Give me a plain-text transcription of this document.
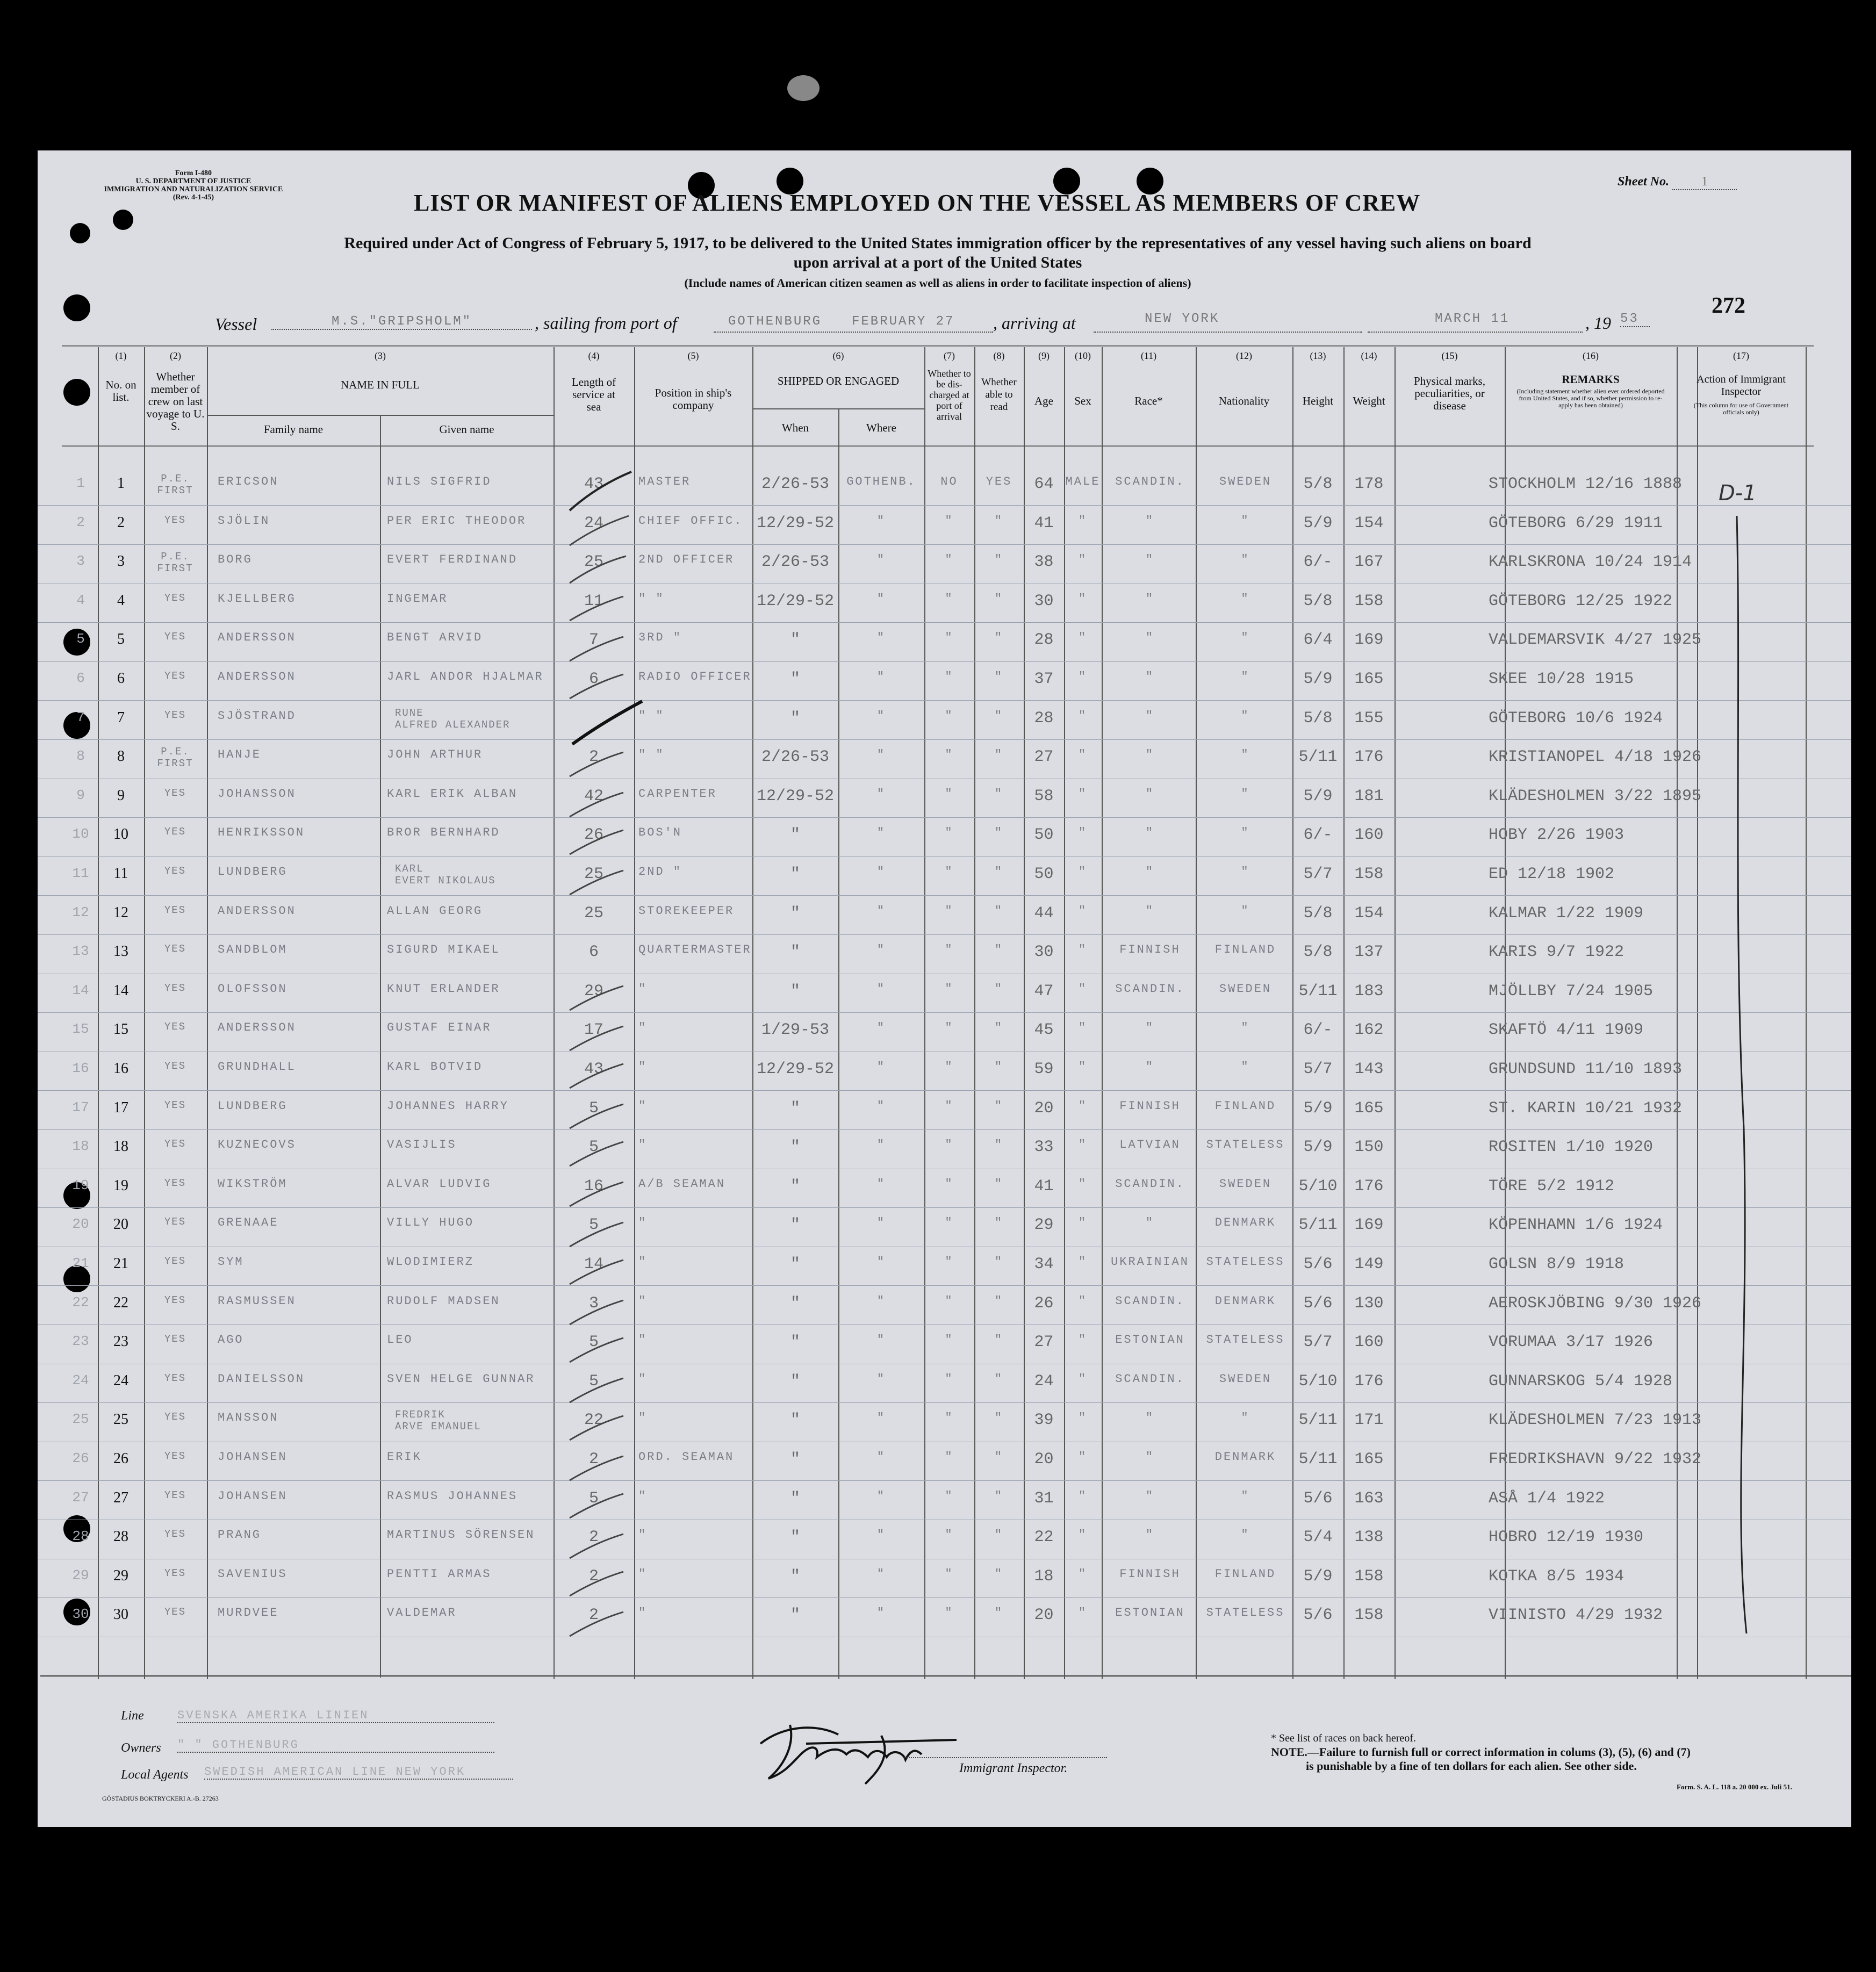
Form I-480
U. S. DEPARTMENT OF JUSTICE
IMMIGRATION AND NATURALIZATION SERVICE
(Rev. 4-1-45)
Sheet No.	1
LIST OR MANIFEST OF ALIENS EMPLOYED ON THE VESSEL AS MEMBERS OF CREW
Required under Act of Congress of February 5, 1917, to be delivered to the United States immigration officer by the representatives of any vessel having such aliens on board
upon arrival at a port of the United States
(Include names of American citizen seamen as well as aliens in order to facilitate inspection of aliens)
Vessel	M.S."GRIPSHOLM"	, sailing from port of	GOTHENBURG FEBRUARY 27 , arriving at	NEW YORK	MARCH 11	, 19 53
272
(1)
No. on list.
(2)
Whether member of crew on last voyage to U. S.
(3)
NAME IN FULL
Family name	Given name
(4)
Length of service at sea
(5)
Position in ship's company
(6)
SHIPPED OR ENGAGED
When	Where
(7)
Whether to be dis-charged at port of arrival
(8)
Whether able to read
(9)
Age
(10)
Sex
(11)
Race*
(12)
Nationality
(13)
Height
(14)
Weight
(15)
Physical marks, peculiarities, or disease
(16)
REMARKS
(Including statement whether alien ever ordered deported from United States, and if so, whether permission to re-apply has been obtained)
(17)
Action of Immigrant Inspector
(This column for use of Government officials only)
1	1	P.E.
FIRST
ERICSON	NILS SIGFRID	43	MASTER	2/26-53	GOTHENB.	NO	YES	64	MALE	SCANDIN.	SWEDEN	5/8	178	STOCKHOLM 12/16 1888
2	2	YES	SJÖLIN	PER ERIC THEODOR	24	CHIEF OFFIC. 12/29-52	"	"	"	41	"	"	"	5/9	154	GÖTEBORG 6/29 1911
3	3	P.E.
FIRST
BORG	EVERT FERDINAND	25	2ND OFFICER	2/26-53	"	"	"	38	"	"	"	6/-	167	KARLSKRONA 10/24 1914
4	4	YES	KJELLBERG	INGEMAR	11	" "	12/29-52	"	"	"	30	"	"	"	5/8	158	GÖTEBORG 12/25 1922
5	5	YES	ANDERSSON	BENGT ARVID	7	3RD "	"	"	"	"	28	"	"	"	6/4	169	VALDEMARSVIK 4/27 1925
6	6	YES	ANDERSSON	JARL ANDOR HJALMAR	6	RADIO OFFICER	"	"	"	"	37	"	"	"	5/9	165	SKEE 10/28 1915
7	7	YES	SJÖSTRAND	RUNE
ALFRED ALEXANDER
" "	"	"	"	"	28	"	"	"	5/8	155	GÖTEBORG 10/6 1924
8	8	P.E.
FIRST
HANJE	JOHN ARTHUR	2	" "	2/26-53	"	"	"	27	"	"	"	5/11	176	KRISTIANOPEL 4/18 1926
9	9	YES	JOHANSSON	KARL ERIK ALBAN	42	CARPENTER	12/29-52	"	"	"	58	"	"	"	5/9	181	KLÄDESHOLMEN 3/22 1895
10	10	YES	HENRIKSSON	BROR BERNHARD	26	BOS'N	"	"	"	"	50	"	"	"	6/-	160	HOBY 2/26 1903
11	11	YES	LUNDBERG	KARL
EVERT NIKOLAUS	25	2ND "	"	"	"	"	50	"	"	"	5/7	158	ED 12/18 1902
12	12	YES	ANDERSSON	ALLAN GEORG	25	STOREKEEPER	"	"	"	"	44	"	"	"	5/8	154	KALMAR 1/22 1909
13	13	YES	SANDBLOM	SIGURD MIKAEL	6	QUARTERMASTER	"	"	"	"	30	"	FINNISH	FINLAND	5/8	137	KARIS 9/7 1922
14	14	YES	OLOFSSON	KNUT ERLANDER	29	"	"	"	"	"	47	"	SCANDIN.	SWEDEN	5/11	183	MJÖLLBY 7/24 1905
15	15	YES	ANDERSSON	GUSTAF EINAR	17	"	1/29-53	"	"	"	45	"	"	"	6/-	162	SKAFTÖ 4/11 1909
16	16	YES	GRUNDHALL	KARL BOTVID	43	"	12/29-52	"	"	"	59	"	"	"	5/7	143	GRUNDSUND 11/10 1893
17	17	YES	LUNDBERG	JOHANNES HARRY	5	"	"	"	"	"	20	"	FINNISH	FINLAND	5/9	165	ST. KARIN 10/21 1932
18	18	YES	KUZNECOVS	VASIJLIS	5	"	"	"	"	"	33	"	LATVIAN	STATELESS	5/9	150	ROSITEN 1/10 1920
19	19	YES	WIKSTRÖM	ALVAR LUDVIG	16	A/B SEAMAN	"	"	"	"	41	"	SCANDIN.	SWEDEN	5/10	176	TÖRE 5/2 1912
20	20	YES	GRENAAE	VILLY HUGO	5	"	"	"	"	"	29	"	"	DENMARK	5/11	169	KÖPENHAMN 1/6 1924
21	21	YES	SYM	WLODIMIERZ	14	"	"	"	"	"	34	"	UKRAINIAN	STATELESS	5/6	149	GOLSN 8/9 1918
22	22	YES	RASMUSSEN	RUDOLF MADSEN	3	"	"	"	"	"	26	"	SCANDIN.	DENMARK	5/6	130	AEROSKJÖBING 9/30 1926
23	23	YES	AGO	LEO	5	"	"	"	"	"	27	"	ESTONIAN	STATELESS	5/7	160	VORUMAA 3/17 1926
24	24	YES	DANIELSSON	SVEN HELGE GUNNAR	5	"	"	"	"	"	24	"	SCANDIN.	SWEDEN	5/10	176	GUNNARSKOG 5/4 1928
25	25	YES	MANSSON	FREDRIK
ARVE EMANUEL	22	"	"	"	"	"	39	"	"	"	5/11	171	KLÄDESHOLMEN 7/23 1913
26	26	YES	JOHANSEN	ERIK	2	ORD. SEAMAN	"	"	"	"	20	"	"	DENMARK	5/11	165	FREDRIKSHAVN 9/22 1932
27	27	YES	JOHANSEN	RASMUS JOHANNES	5	"	"	"	"	"	31	"	"	"	5/6	163	ASÅ 1/4 1922
28	28	YES	PRANG	MARTINUS SÖRENSEN	2	"	"	"	"	"	22	"	"	"	5/4	138	HOBRO 12/19 1930
29	29	YES	SAVENIUS	PENTTI ARMAS	2	"	"	"	"	"	18	"	FINNISH	FINLAND	5/9	158	KOTKA 8/5 1934
30	30	YES	MURDVEE	VALDEMAR	2	"	"	"	"	"	20	"	ESTONIAN	STATELESS	5/6	158	VIINISTO 4/29 1932
D-1
Line	SVENSKA AMERIKA LINIEN
Owners " " GOTHENBURG
Local Agents SWEDISH AMERICAN LINE NEW YORK	Immigrant Inspector.
* See list of races on back hereof.
NOTE.—Failure to furnish full or correct information in colums (3), (5), (6) and (7)
is punishable by a fine of ten dollars for each alien. See other side.
GÖSTADIUS BOKTRYCKERI A.-B. 27263
Form. S. A. L. 118 a. 20 000 ex. Juli 51.
